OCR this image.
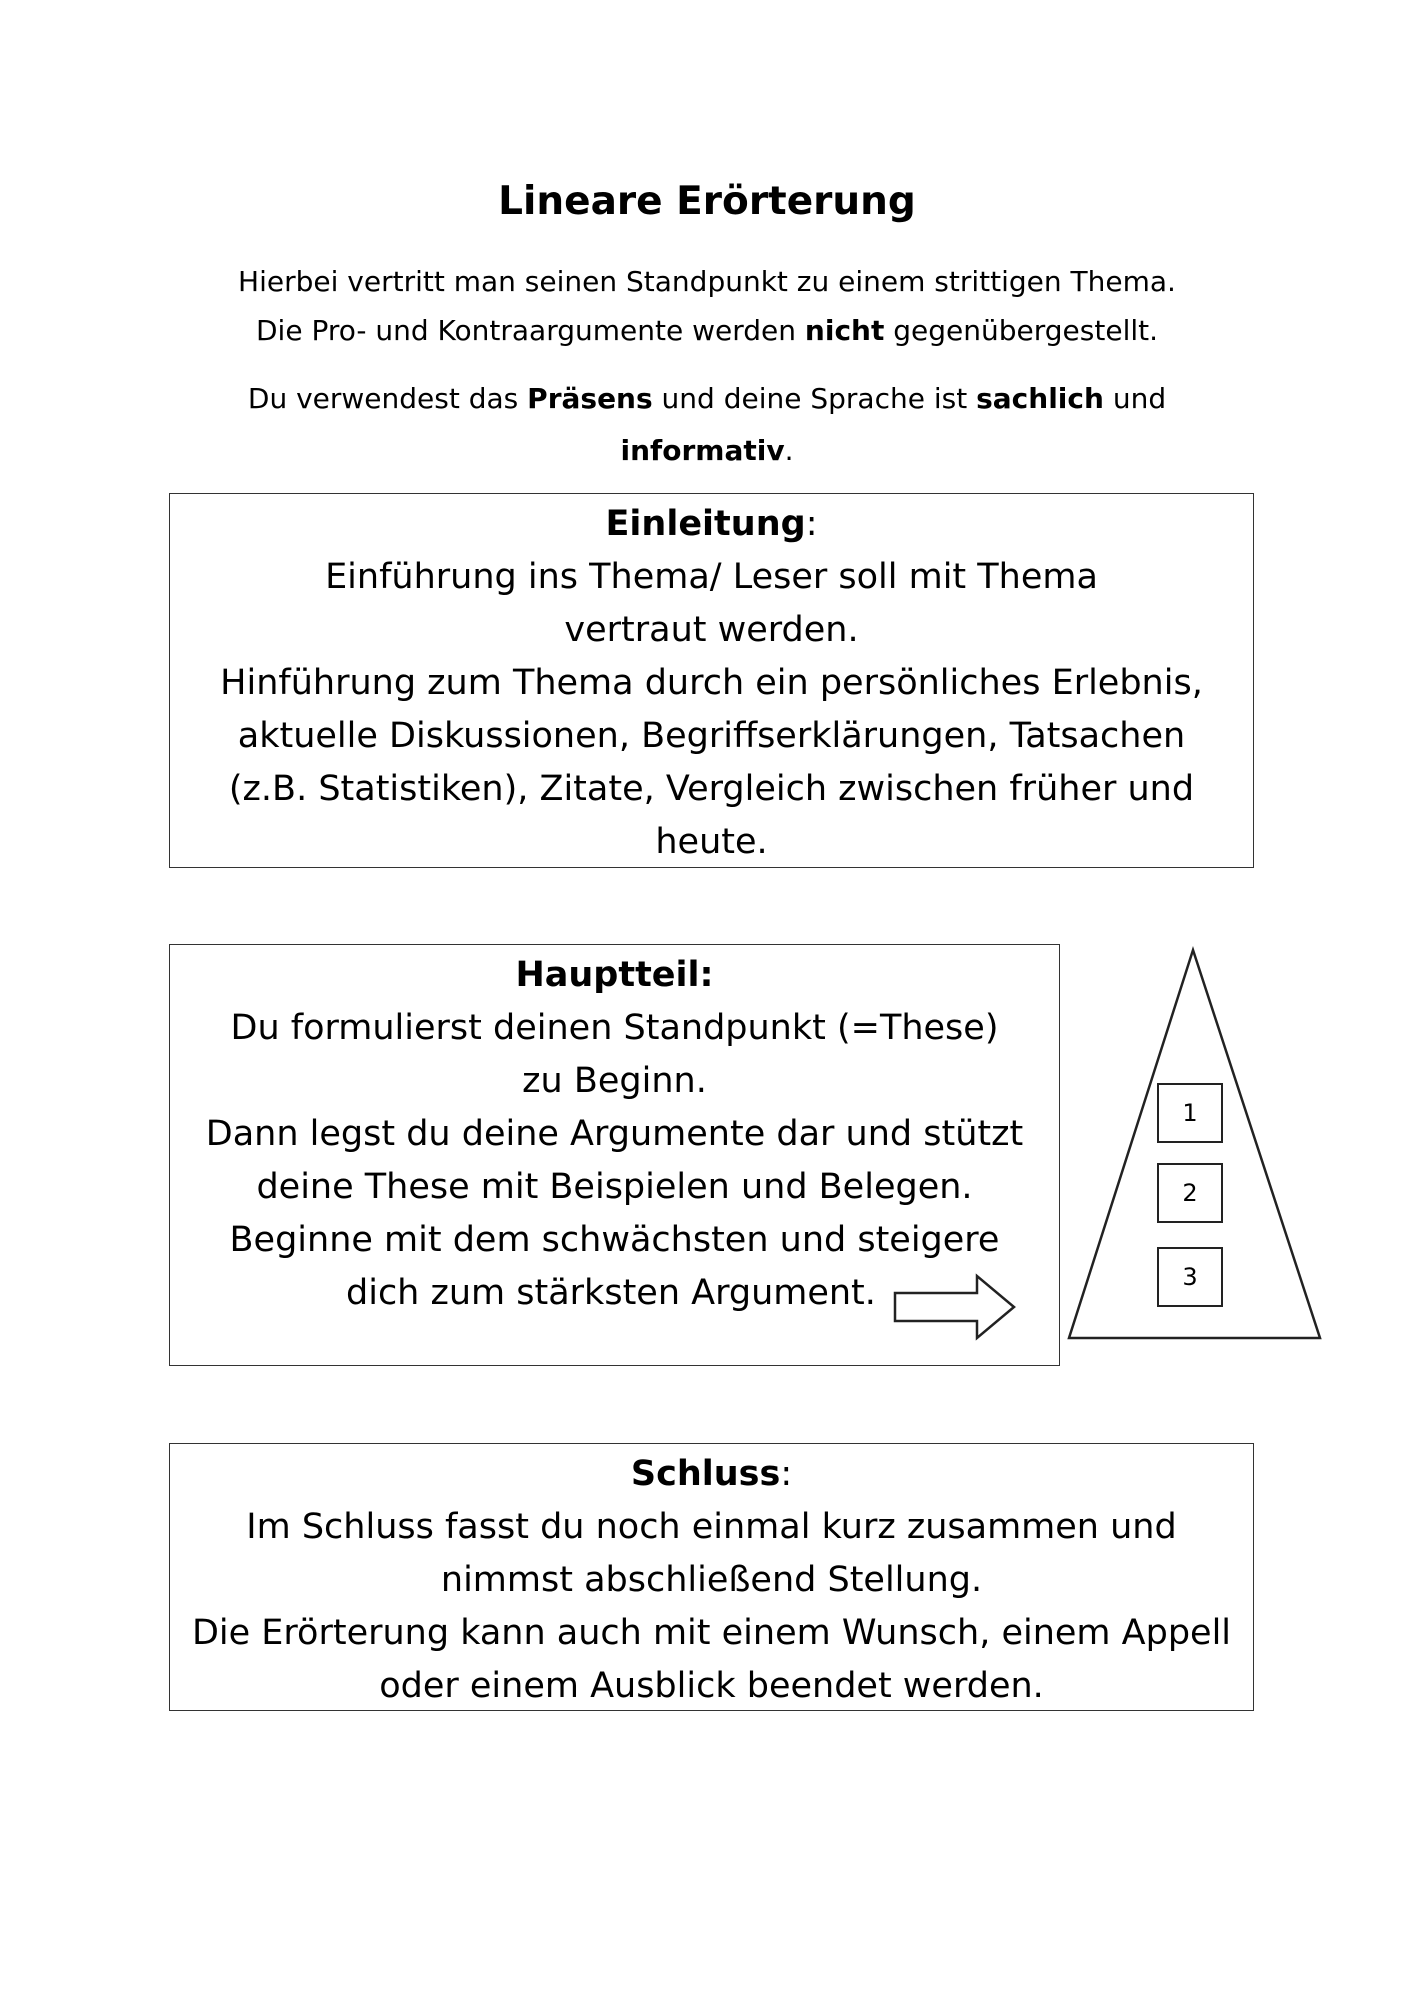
Lineare Erörterung
Hierbei vertritt man seinen Standpunkt zu einem strittigen Thema.
Die Pro- und Kontraargumente werden nicht gegenübergestellt.
Du verwendest das Präsens und deine Sprache ist sachlich und
informativ.
Einleitung:
Einführung ins Thema/ Leser soll mit Thema
vertraut werden.
Hinführung zum Thema durch ein persönliches Erlebnis,
aktuelle Diskussionen, Begriffserklärungen, Tatsachen
(z.B. Statistiken), Zitate, Vergleich zwischen früher und
heute.
Hauptteil:
Du formulierst deinen Standpunkt (=These)
zu Beginn.
Dann legst du deine Argumente dar und stützt
deine These mit Beispielen und Belegen.
Beginne mit dem schwächsten und steigere
dich zum stärksten Argument.
1
2
3
Schluss:
Im Schluss fasst du noch einmal kurz zusammen und
nimmst abschließend Stellung.
Die Erörterung kann auch mit einem Wunsch, einem Appell
oder einem Ausblick beendet werden.
